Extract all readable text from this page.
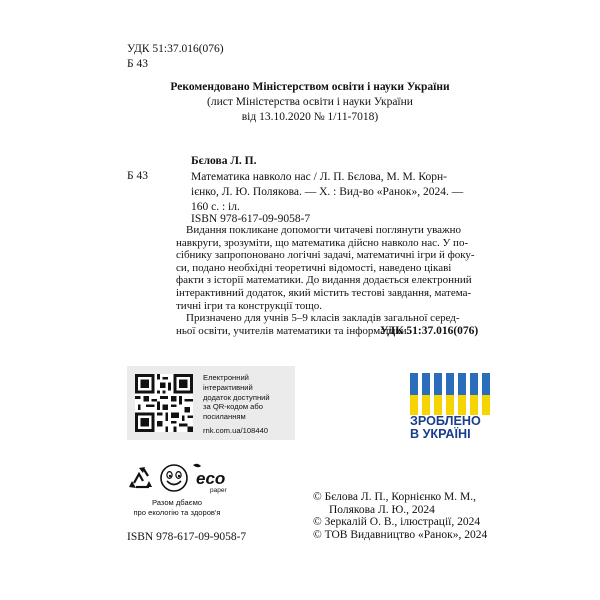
УДК 51:37.016(076)
Б 43
Рекомендовано Міністерством освіти і науки України
(лист Міністерства освіти і науки України
від 13.10.2020 № 1/11-7018)
Бєлова Л. П.
Б 43	Математика навколо нас / Л. П. Бєлова, М. М. Корн-
ієнко, Л. Ю. Полякова. — Х. : Вид-во «Ранок», 2024. —
160 с. : іл.
ISBN 978-617-09-9058-7

Видання покликане допомогти читачеві поглянути уважно
навкруги, зрозуміти, що математика дійсно навколо нас. У по-
сібнику запропоновано логічні задачі, математичні ігри й фоку-
си, подано необхідні теоретичні відомості, наведено цікаві
факти з історії математики. До видання додається електронний
інтерактивний додаток, який містить тестові завдання, матема-
тичні ігри та конструкції тощо.

Призначено для учнів 5–9 класів закладів загальної серед-
ньої освіти, учителів математики та інформатики.

УДК 51:37.016(076)
Електронний
інтерактивний
додаток доступний
за QR-кодом або
посиланням
rnk.com.ua/108440
ЗРОБЛЕНО
В УКРАЇНІ
eco
paper
Разом дбаємо
про екологію та здоров'я
ISBN 978-617-09-9058-7
© Бєлова Л. П., Корнієнко М. М.,
Полякова Л. Ю., 2024
© Зеркалій О. В., ілюстрації, 2024
© ТОВ Видавництво «Ранок», 2024
